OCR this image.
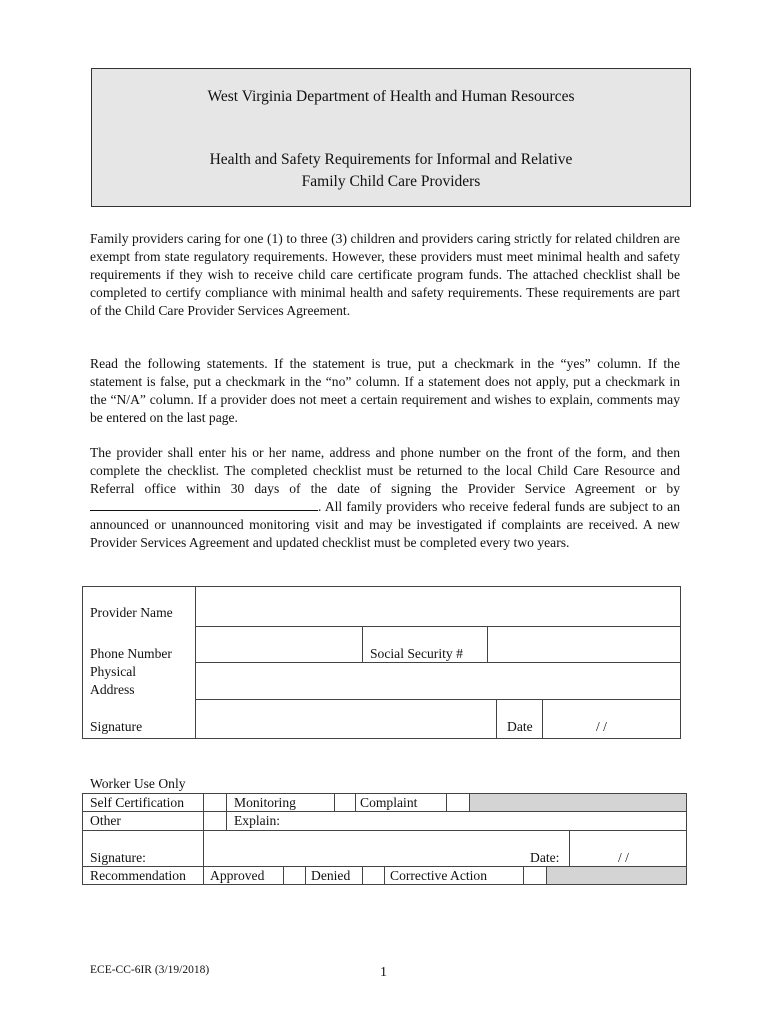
West Virginia Department of Health and Human Resources
Health and Safety Requirements for Informal and Relative
Family Child Care Providers
Family providers caring for one (1) to three (3) children and providers caring strictly for related children are exempt from state regulatory requirements. However, these providers must meet minimal health and safety requirements if they wish to receive child care certificate program funds. The attached checklist shall be completed to certify compliance with minimal health and safety requirements. These requirements are part of the Child Care Provider Services Agreement.
Read the following statements. If the statement is true, put a checkmark in the “yes” column. If the statement is false, put a checkmark in the “no” column. If a statement does not apply, put a checkmark in the “N/A” column. If a provider does not meet a certain requirement and wishes to explain, comments may be entered on the last page.
The provider shall enter his or her name, address and phone number on the front of the form, and then complete the checklist. The completed checklist must be returned to the local Child Care Resource and Referral office within 30 days of the date of signing the Provider Service Agreement or by . All family providers who receive federal funds are subject to an announced or unannounced monitoring visit and may be investigated if complaints are received. A new Provider Services Agreement and updated checklist must be completed every two years.
Provider Name
Phone Number	Social Security #
Physical
Address
Signature	Date	/ /
Worker Use Only
Self Certification	Monitoring	Complaint
Other	Explain:
Signature:	Date:	/ /
Recommendation Approved	Denied	Corrective Action
ECE-CC-6IR (3/19/2018)	1
